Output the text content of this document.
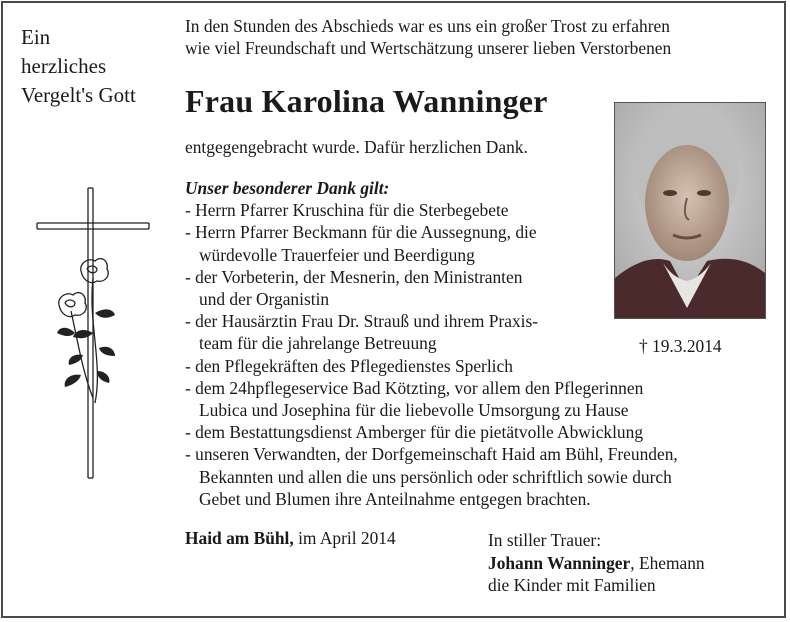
Ein
herzliches
Vergelt's Gott
In den Stunden des Abschieds war es uns ein großer Trost zu erfahren
wie viel Freundschaft und Wertschätzung unserer lieben Verstorbenen
Frau Karolina Wanninger
entgegengebracht wurde. Dafür herzlichen Dank.
Unser besonderer Dank gilt:
- Herrn Pfarrer Kruschina für die Sterbegebete
- Herrn Pfarrer Beckmann für die Aussegnung, die
würdevolle Trauerfeier und Beerdigung
- der Vorbeterin, der Mesnerin, den Ministranten
und der Organistin
- der Hausärztin Frau Dr. Strauß und ihrem Praxis-
team für die jahrelange Betreuung
- den Pflegekräften des Pflegedienstes Sperlich
- dem 24hpflegeservice Bad Kötzting, vor allem den Pflegerinnen
Lubica und Josephina für die liebevolle Umsorgung zu Hause
- dem Bestattungsdienst Amberger für die pietätvolle Abwicklung
- unseren Verwandten, der Dorfgemeinschaft Haid am Bühl, Freunden,
Bekannten und allen die uns persönlich oder schriftlich sowie durch
Gebet und Blumen ihre Anteilnahme entgegen brachten.
† 19.3.2014
Haid am Bühl, im April 2014	In stiller Trauer:
Johann Wanninger, Ehemann
die Kinder mit Familien
